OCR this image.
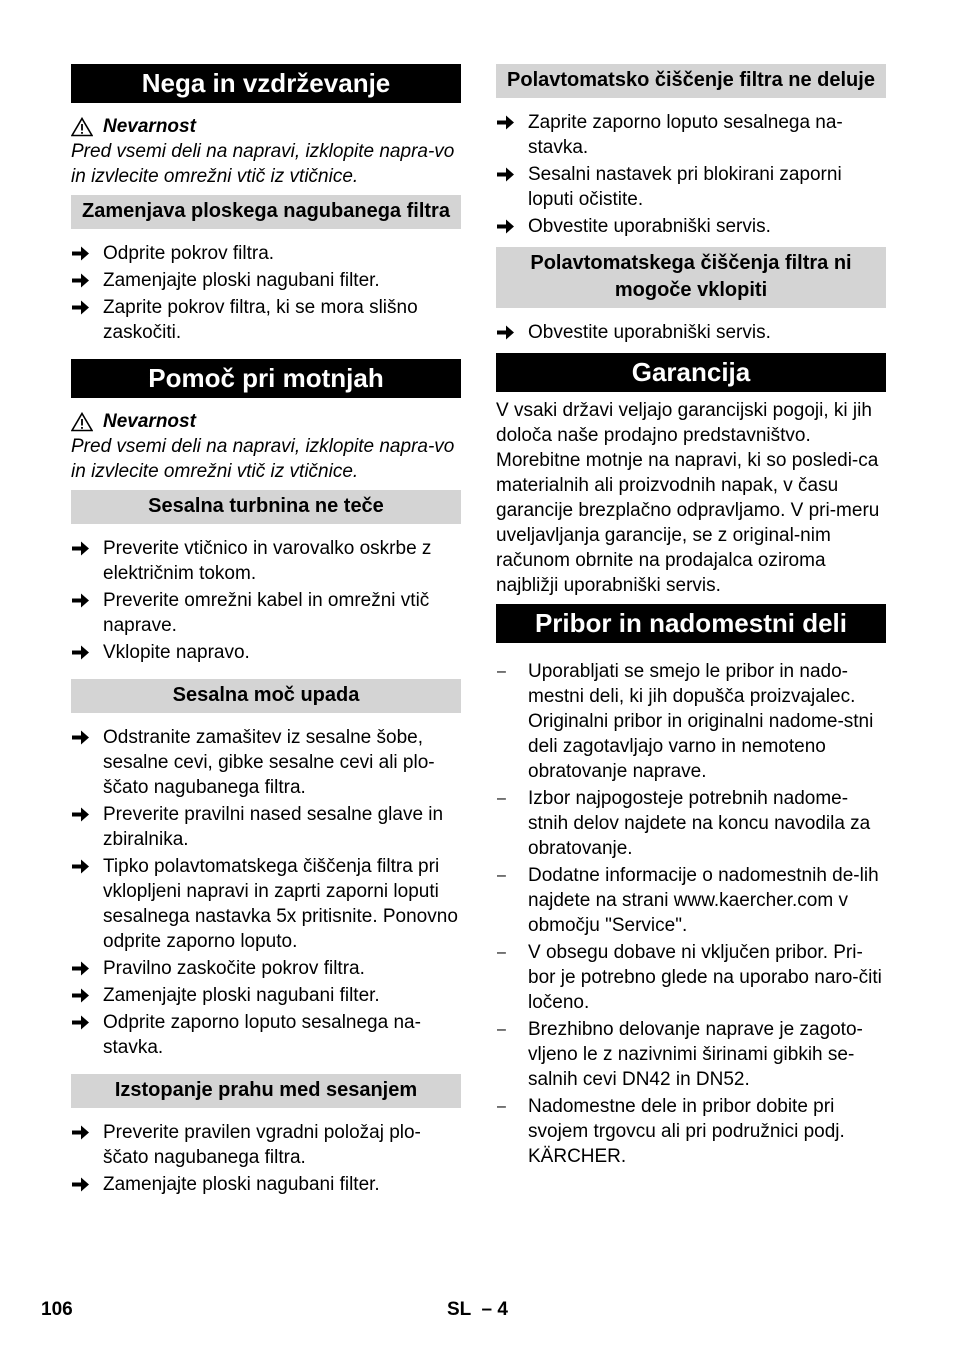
Nega in vzdrževanje
Nevarnost
Pred vsemi deli na napravi, izklopite napra-vo in izvlecite omrežni vtič iz vtičnice.
Zamenjava ploskega nagubanega filtra
Odprite pokrov filtra.
Zamenjajte ploski nagubani filter.
Zaprite pokrov filtra, ki se mora slišno zaskočiti.
Pomoč pri motnjah
Nevarnost
Pred vsemi deli na napravi, izklopite napra-vo in izvlecite omrežni vtič iz vtičnice.
Sesalna turbnina ne teče
Preverite vtičnico in varovalko oskrbe z električnim tokom.
Preverite omrežni kabel in omrežni vtič naprave.
Vklopite napravo.
Sesalna moč upada
Odstranite zamašitev iz sesalne šobe, sesalne cevi, gibke sesalne cevi ali plo-ščato nagubanega filtra.
Preverite pravilni nased sesalne glave in zbiralnika.
Tipko polavtomatskega čiščenja filtra pri vklopljeni napravi in zaprti zaporni loputi sesalnega nastavka 5x pritisnite. Ponovno odprite zaporno loputo.
Pravilno zaskočite pokrov filtra.
Zamenjajte ploski nagubani filter.
Odprite zaporno loputo sesalnega na-stavka.
Izstopanje prahu med sesanjem
Preverite pravilen vgradni položaj plo-ščato nagubanega filtra.
Zamenjajte ploski nagubani filter.
Polavtomatsko čiščenje filtra ne deluje
Zaprite zaporno loputo sesalnega na-stavka.
Sesalni nastavek pri blokirani zaporni loputi očistite.
Obvestite uporabniški servis.
Polavtomatskega čiščenja filtra ni mogoče vklopiti
Obvestite uporabniški servis.
Garancija

V vsaki državi veljajo garancijski pogoji, ki jih določa naše prodajno predstavništvo. Morebitne motnje na napravi, ki so posledi-ca materialnih ali proizvodnih napak, v času garancije brezplačno odpravljamo. V pri-meru uveljavljanja garancije, se z original-nim računom obrnite na prodajalca oziroma najbližji uporabniški servis.

Pribor in nadomestni deli
– Uporabljati se smejo le pribor in nado-mestni deli, ki jih dopušča proizvajalec. Originalni pribor in originalni nadome-stni deli zagotavljajo varno in nemoteno obratovanje naprave.
– Izbor najpogosteje potrebnih nadome-stnih delov najdete na koncu navodila za obratovanje.
– Dodatne informacije o nadomestnih de-lih najdete na strani www.kaercher.com v območju "Service".
– V obsegu dobave ni vključen pribor. Pri-bor je potrebno glede na uporabo naro-čiti ločeno.
– Brezhibno delovanje naprave je zagoto-vljeno le z nazivnimi širinami gibkih se-salnih cevi DN42 in DN52.
– Nadomestne dele in pribor dobite pri svojem trgovcu ali pri podružnici podj. KÄRCHER.
106	SL  – 4
